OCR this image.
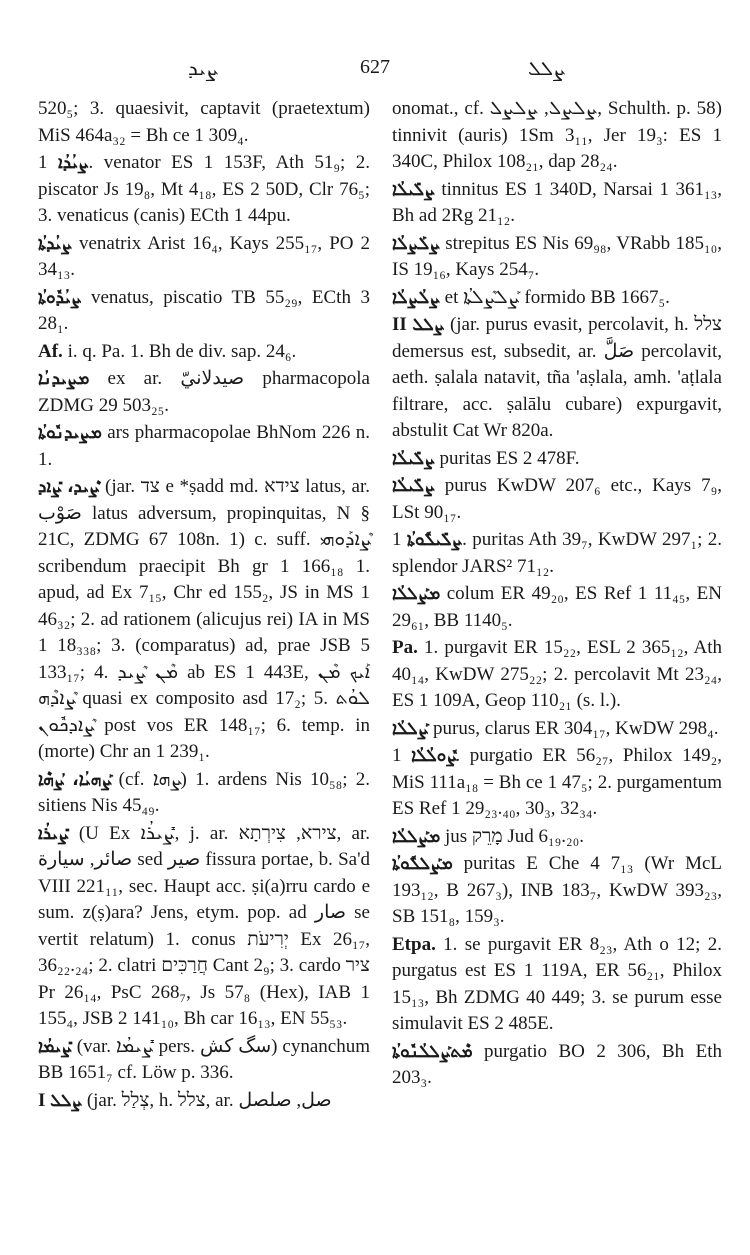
ܨܝܕ	627	ܨܠܠ
520₅; 3. quaesivit, captavit (praetextum) MiS 464a₃₂ = Bh ce 1 309₄.
ܨܝܳܕܳܐ 1. venator ES 1 153F, Ath 51₉; 2. piscator Js 19₈, Mt 4₁₈, ES 2 50D, Clr 76₅; 3. venaticus (canis) ECth 1 44pu.
ܨܝܳܕܬܳܐ venatrix Arist 16₄, Kays 255₁₇, PO 2 34₁₃.
ܨܝܳܕܽܘܬܳܐ venatus, piscatio TB 55₂₉, ECth 3 28₁.
Af. i. q. Pa. 1. Bh de div. sap. 24₆.
ܡܨܝܕܢܳܐ ex ar. صيدلانيّ pharmacopola ZDMG 29 503₂₅.
ܡܨܝܕܢܽܘܬܳܐ ars pharmacopolae BhNom 226 n. 1.
ܨܶܝܕ، ܨܺܐܕ (jar. צד e *ṣadd md. צידא latus, ar. صَوْب latus adversum, propinquitas, N § 21C, ZDMG 67 108n. 1) c. suff. ܨܶܐܕܰܘܗܝ scribendum praecipit Bh gr 1 166₁₈ 1. apud, ad Ex 7₁₅, Chr ed 155₂, JS in MS 1 46₃₂; 2. ad rationem (alicujus rei) IA in MS 1 18₃₃₈; 3. (comparatus) ad, prae JSB 5 133₁₇; 4. ܡܶܢ ܨܶܝܕ ab ES 1 443E, ܐܰܝܟ ܡܶܢ ܨܶܐܕܶܗ quasi ex composito asd 17₂; 5. ܠܘܳܬ ܨܶܐܕܟܽܘܢ post vos ER 148₁₇; 6. temp. in (morte) Chr an 1 239₁.
ܨܰܗܝܳܐ، ܨܳܗܶܐ (cf. ܨܗܐ) 1. ardens Nis 10₅₈; 2. sitiens Nis 45₄₉.
ܨܺܝܪܳܐ (U Ex ܨܺܝܪܳܐ, j. ar. צירא, צִירְתָא, ar. صائر, سيارة sed صير fissura portae, b. Sa'd VIII 221₁₁, sec. Haupt acc. ṣi(a)rru cardo e sum. z(ṣ)ara? Jens, etym. pop. ad صار se vertit relatum) 1. conus יְרִיעֹת Ex 26₁₇, 36₂₂.₂₄; 2. clatri חֲרַכִּים Cant 2₉; 3. cardo ציר Pr 26₁₄, PsC 268₇, Js 57₈ (Hex), IAB 1 155₄, JSB 2 141₁₀, Bh car 16₁₃, EN 55₅₃.
ܨܺܝܡܳܐ (var. ܨܺܝܡܳܐ pers. سگ كش) cynanchum BB 1651₇ cf. Löw p. 336.
I ܨܠܠ (jar. צְלַל, h. צלל, ar. صل, صلصل
onomat., cf. ܨܠܨܠ, ܨܠܨܠ, Schulth. p. 58) tinnivit (auris) 1Sm 3₁₁, Jer 19₃: ES 1 340C, Philox 108₂₁, dap 28₂₄.
ܨܠܺܝܠܳܐ tinnitus ES 1 340D, Narsai 1 361₁₃, Bh ad 2Rg 21₁₂.
ܨܠܰܨܠܳܐ strepitus ES Nis 69₉₈, VRabb 185₁₀, IS 19₁₆, Kays 254₇.
ܨܠܳܨܠܳܐ et ܨܰܠܨܶܠܬܳܐ formido BB 1667₅.
II ܨܠܠ (jar. purus evasit, percolavit, h. צלל demersus est, subsedit, ar. صَلَّ percolavit, aeth. ṣalala natavit, tña 'aṣlala, amh. 'aṭlala filtrare, acc. ṣalālu cubare) expurgavit, abstulit Cat Wr 820a.
ܨܠܺܝܠܳܐ puritas ES 2 478F.
ܨܠܺܝܠܳܐ purus KwDW 207₆ etc., Kays 7₉, LSt 90₁₇.
ܨܠܺܝܠܽܘܬܳܐ 1. puritas Ath 39₇, KwDW 297₁; 2. splendor JARS² 71₁₂.
ܡܨܰܠܠܳܐ colum ER 49₂₀, ES Ref 1 11₄₅, EN 29₆₁, BB 1140₅.
Pa. 1. purgavit ER 15₂₂, ESL 2 365₁₂, Ath 40₁₄, KwDW 275₂₂; 2. percolavit Mt 23₂₄, ES 1 109A, Geop 110₂₁ (s. l.).
ܨܰܠܠܳܐ purus, clarus ER 304₁₇, KwDW 298₄.
ܨܽܘܠܳܠܳܐ 1. purgatio ER 56₂₇, Philox 149₂, MiS 111a₁₈ = Bh ce 1 47₅; 2. purgamentum ES Ref 1 29₂₃.₄₀, 30₃, 32₃₄.
ܡܨܰܠܠܳܐ jus מָרֵק Jud 6₁₉.₂₀.
ܡܨܰܠܠܽܘܬܳܐ puritas E Che 4 7₁₃ (Wr McL 193₁₂, B 267₃), INB 183₇, KwDW 393₂₃, SB 151₈, 159₃.
Etpa. 1. se purgavit ER 8₂₃, Ath o 12; 2. purgatus est ES 1 119A, ER 56₂₁, Philox 15₁₃, Bh ZDMG 40 449; 3. se purum esse simulavit ES 2 485E.
ܡܶܬܨܰܠܠܳܢܽܘܬܳܐ purgatio BO 2 306, Bh Eth 203₃.
